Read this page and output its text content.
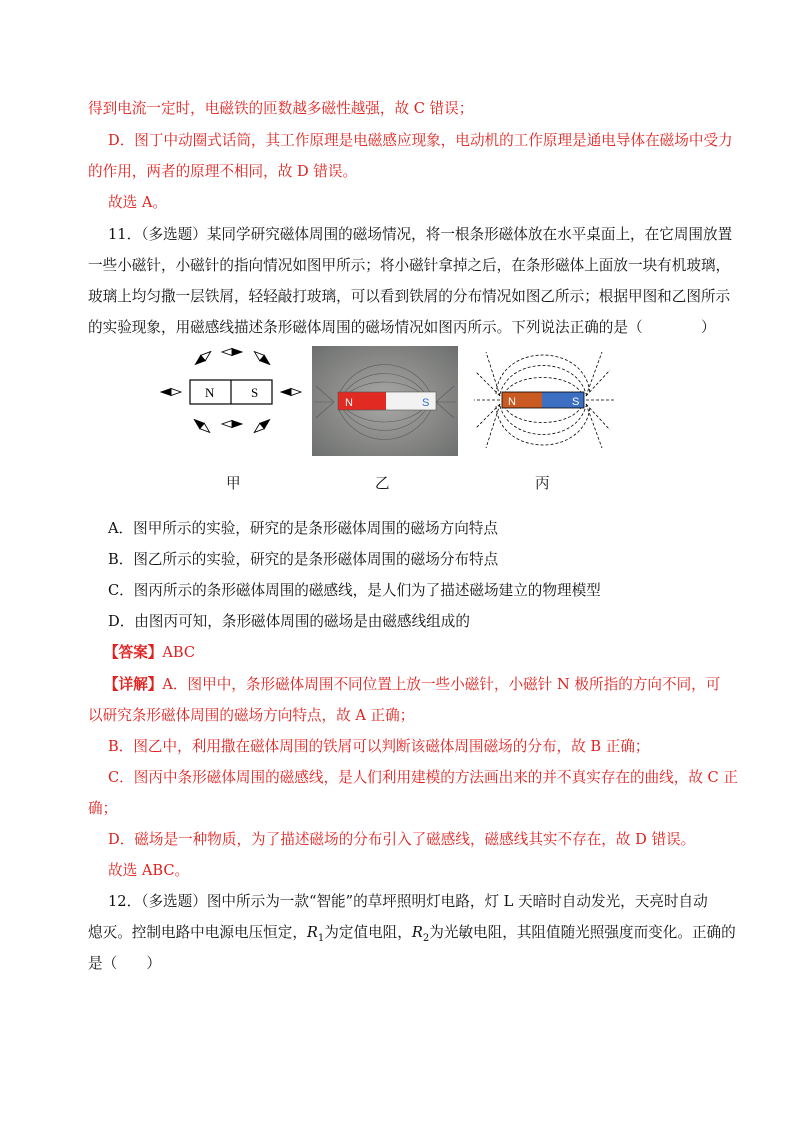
得到电流一定时，电磁铁的匝数越多磁性越强，故 C 错误；
D．图丁中动圈式话筒，其工作原理是电磁感应现象，电动机的工作原理是通电导体在磁场中受力
的作用，两者的原理不相同，故 D 错误。
故选 A。
11．（多选题）某同学研究磁体周围的磁场情况，将一根条形磁体放在水平桌面上，在它周围放置
一些小磁针，小磁针的指向情况如图甲所示；将小磁针拿掉之后，在条形磁体上面放一块有机玻璃，
玻璃上均匀撒一层铁屑，轻轻敲打玻璃，可以看到铁屑的分布情况如图乙所示；根据甲图和乙图所示
的实验现象，用磁感线描述条形磁体周围的磁场情况如图丙所示。下列说法正确的是（　　　　）
N	S
N	S	N	S
甲	乙	丙
A．图甲所示的实验，研究的是条形磁体周围的磁场方向特点
B．图乙所示的实验，研究的是条形磁体周围的磁场分布特点
C．图丙所示的条形磁体周围的磁感线，是人们为了描述磁场建立的物理模型
D．由图丙可知，条形磁体周围的磁场是由磁感线组成的
【答案】ABC
【详解】A．图甲中，条形磁体周围不同位置上放一些小磁针，小磁针 N 极所指的方向不同，可
以研究条形磁体周围的磁场方向特点，故 A 正确；
B．图乙中，利用撒在磁体周围的铁屑可以判断该磁体周围磁场的分布，故 B 正确；
C．图丙中条形磁体周围的磁感线，是人们利用建模的方法画出来的并不真实存在的曲线，故 C 正
确；
D．磁场是一种物质，为了描述磁场的分布引入了磁感线，磁感线其实不存在，故 D 错误。
故选 ABC。
12．（多选题）图中所示为一款“智能”的草坪照明灯电路，灯 L 天暗时自动发光，天亮时自动
熄灭。控制电路中电源电压恒定，$R_1$为定值电阻，$R_2$为光敏电阻，其阻值随光照强度而变化。正确的
是（　　）
